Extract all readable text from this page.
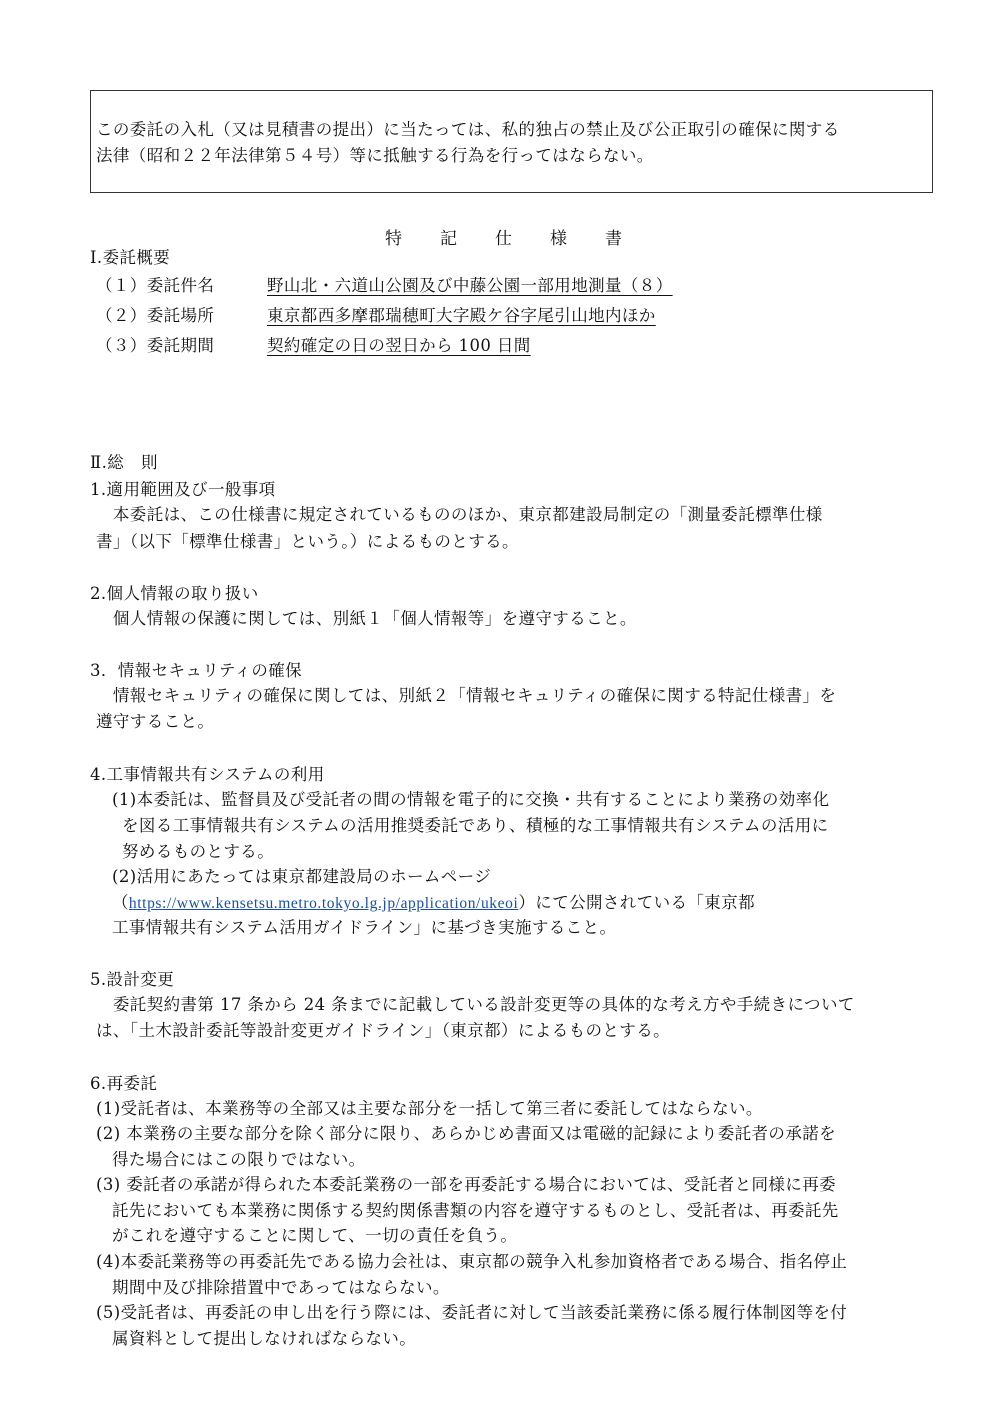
この委託の入札（又は見積書の提出）に当たっては、私的独占の禁止及び公正取引の確保に関する
法律（昭和２２年法律第５４号）等に抵触する行為を行ってはならない。
特 記 仕 様 書
Ⅰ.委託概要
（１）委託件名	野山北・六道山公園及び中藤公園一部用地測量（８）
（２）委託場所	東京都西多摩郡瑞穂町大字殿ケ谷字尾引山地内ほか
（３）委託期間	契約確定の日の翌日から 100 日間
Ⅱ.総　則
1.適用範囲及び一般事項
　本委託は、この仕様書に規定されているもののほか、東京都建設局制定の「測量委託標準仕様
書」（以下「標準仕様書」という。）によるものとする。
2.個人情報の取り扱い
　個人情報の保護に関しては、別紙１「個人情報等」を遵守すること。
3．情報セキュリティの確保
　情報セキュリティの確保に関しては、別紙２「情報セキュリティの確保に関する特記仕様書」を
遵守すること。
4.工事情報共有システムの利用
(1)本委託は、監督員及び受託者の間の情報を電子的に交換・共有することにより業務の効率化
を図る工事情報共有システムの活用推奨委託であり、積極的な工事情報共有システムの活用に
努めるものとする。
(2)活用にあたっては東京都建設局のホームページ
（https://www.kensetsu.metro.tokyo.lg.jp/application/ukeoi）にて公開されている「東京都
工事情報共有システム活用ガイドライン」に基づき実施すること。
5.設計変更
　委託契約書第 17 条から 24 条までに記載している設計変更等の具体的な考え方や手続きについて
は、「土木設計委託等設計変更ガイドライン」（東京都）によるものとする。
6.再委託
(1)受託者は、本業務等の全部又は主要な部分を一括して第三者に委託してはならない。
(2) 本業務の主要な部分を除く部分に限り、あらかじめ書面又は電磁的記録により委託者の承諾を
得た場合にはこの限りではない。
(3) 委託者の承諾が得られた本委託業務の一部を再委託する場合においては、受託者と同様に再委
託先においても本業務に関係する契約関係書類の内容を遵守するものとし、受託者は、再委託先
がこれを遵守することに関して、一切の責任を負う。
(4)本委託業務等の再委託先である協力会社は、東京都の競争入札参加資格者である場合、指名停止
期間中及び排除措置中であってはならない。
(5)受託者は、再委託の申し出を行う際には、委託者に対して当該委託業務に係る履行体制図等を付
属資料として提出しなければならない。
